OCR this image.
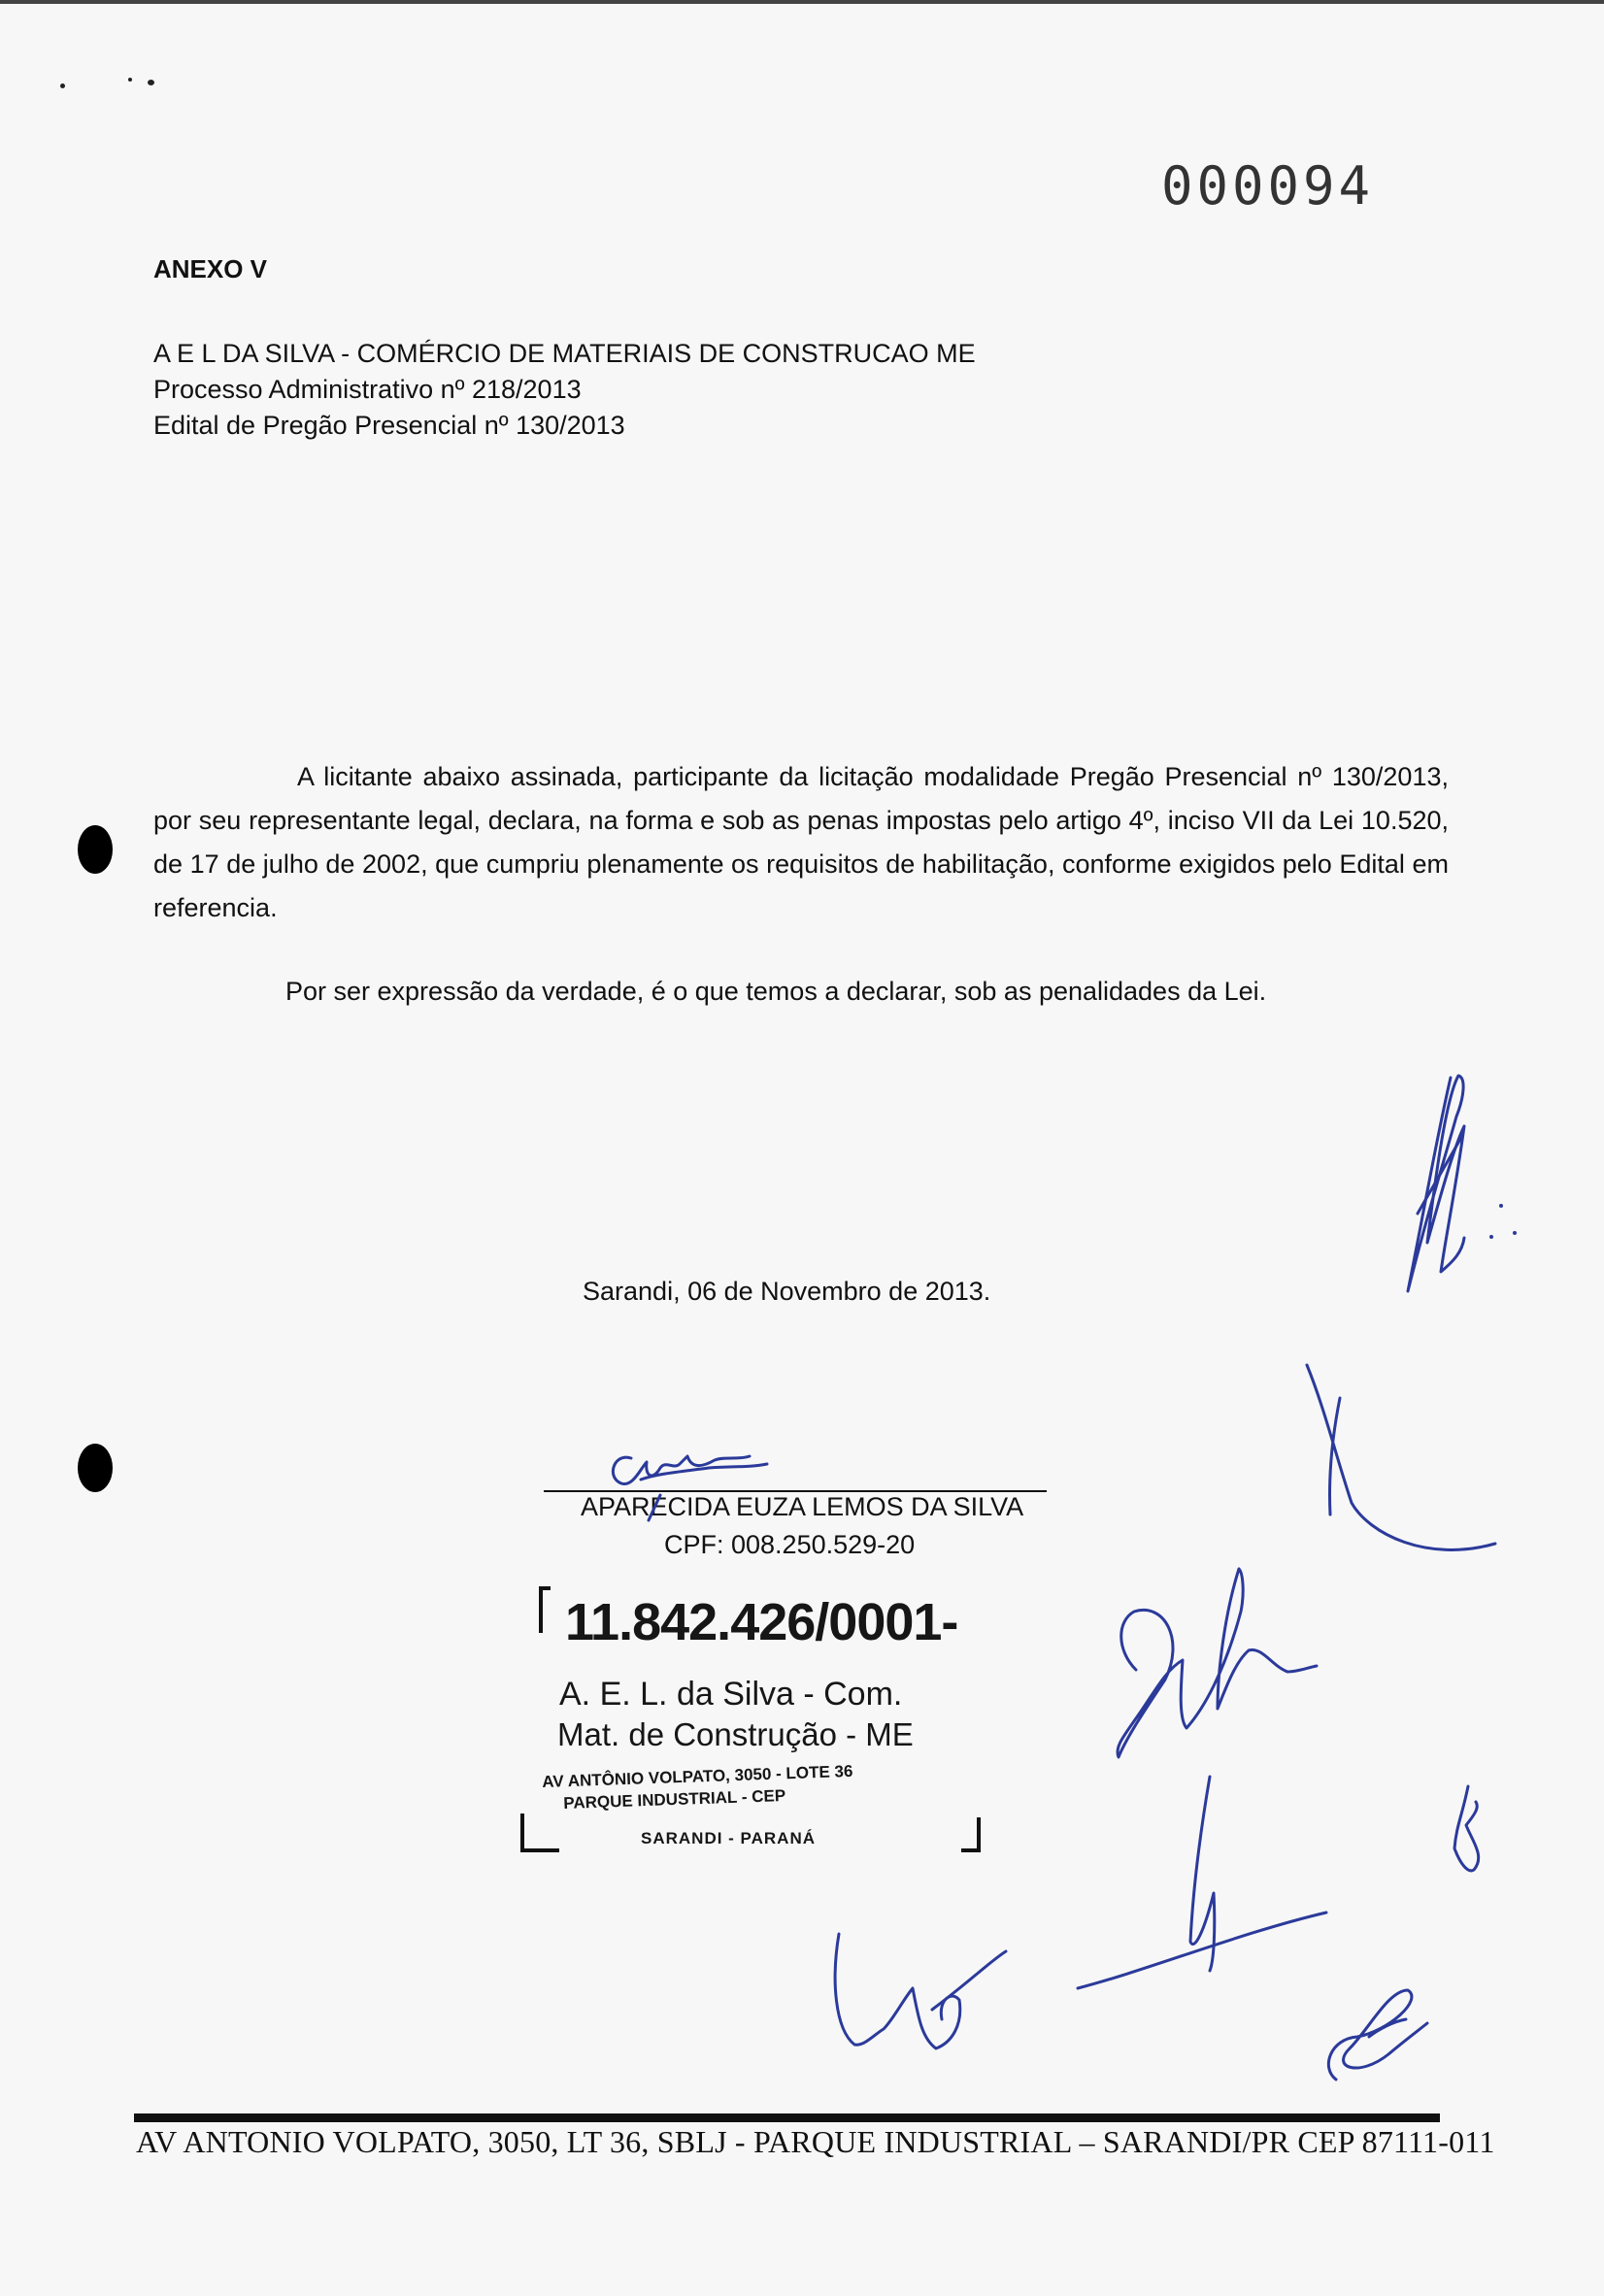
000094
ANEXO V
A E L DA SILVA - COMÉRCIO DE MATERIAIS DE CONSTRUCAO ME
Processo Administrativo nº 218/2013
Edital de Pregão Presencial nº 130/2013
A licitante abaixo assinada, participante da licitação modalidade Pregão Presencial nº 130/2013, por seu representante legal, declara, na forma e sob as penas impostas pelo artigo 4º, inciso VII da Lei 10.520, de 17 de julho de 2002, que cumpriu plenamente os requisitos de habilitação, conforme exigidos pelo Edital em referencia.
Por ser expressão da verdade, é o que temos a declarar, sob as penalidades da Lei.
Sarandi, 06 de Novembro de 2013.
APARECIDA EUZA LEMOS DA SILVA
CPF: 008.250.529-20
11.842.426/0001-
A. E. L. da Silva - Com.
Mat. de Construção - ME
AV ANTÔNIO VOLPATO, 3050 - LOTE 36
PARQUE INDUSTRIAL - CEP
SARANDI - PARANÁ
AV ANTONIO VOLPATO, 3050, LT 36, SBLJ - PARQUE INDUSTRIAL – SARANDI/PR CEP 87111-011
